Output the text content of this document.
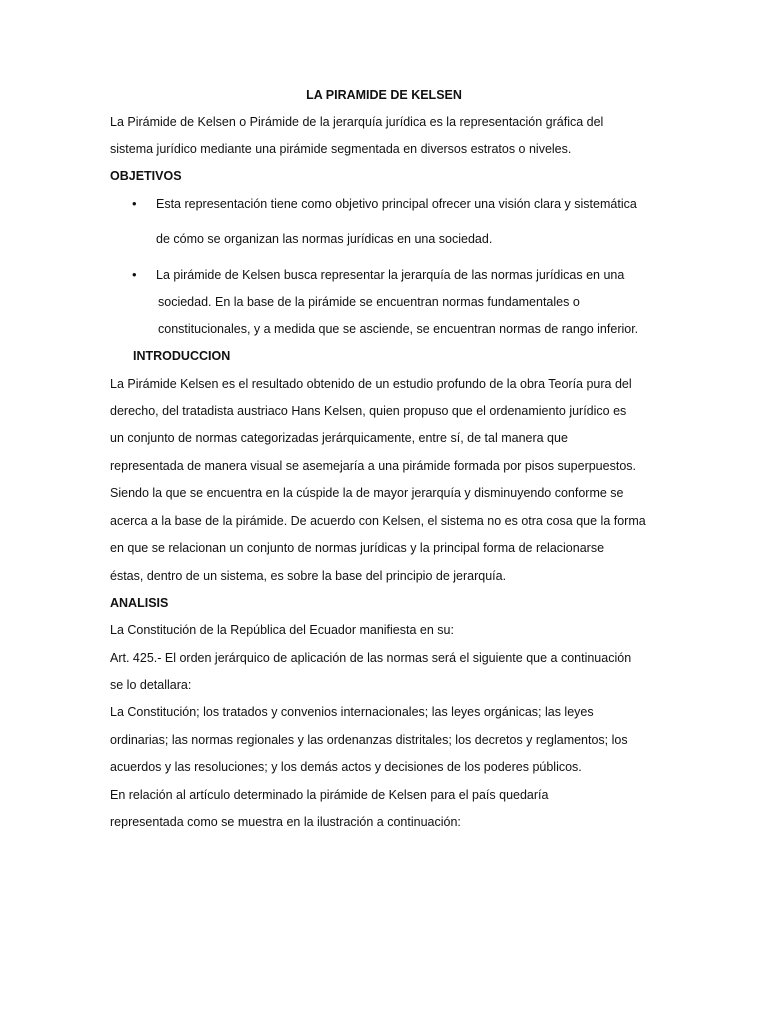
LA PIRAMIDE DE KELSEN
La Pirámide de Kelsen o Pirámide de la jerarquía jurídica es la representación gráfica del
sistema jurídico mediante una pirámide segmentada en diversos estratos o niveles.
OBJETIVOS
• Esta representación tiene como objetivo principal ofrecer una visión clara y sistemática
de cómo se organizan las normas jurídicas en una sociedad.
• La pirámide de Kelsen busca representar la jerarquía de las normas jurídicas en una
sociedad. En la base de la pirámide se encuentran normas fundamentales o
constitucionales, y a medida que se asciende, se encuentran normas de rango inferior.
INTRODUCCION
La Pirámide Kelsen es el resultado obtenido de un estudio profundo de la obra Teoría pura del
derecho, del tratadista austriaco Hans Kelsen, quien propuso que el ordenamiento jurídico es
un conjunto de normas categorizadas jerárquicamente, entre sí, de tal manera que
representada de manera visual se asemejaría a una pirámide formada por pisos superpuestos.
Siendo la que se encuentra en la cúspide la de mayor jerarquía y disminuyendo conforme se
acerca a la base de la pirámide. De acuerdo con Kelsen, el sistema no es otra cosa que la forma
en que se relacionan un conjunto de normas jurídicas y la principal forma de relacionarse
éstas, dentro de un sistema, es sobre la base del principio de jerarquía.
ANALISIS
La Constitución de la República del Ecuador manifiesta en su:
Art. 425.- El orden jerárquico de aplicación de las normas será el siguiente que a continuación
se lo detallara:
La Constitución; los tratados y convenios internacionales; las leyes orgánicas; las leyes
ordinarias; las normas regionales y las ordenanzas distritales; los decretos y reglamentos; los
acuerdos y las resoluciones; y los demás actos y decisiones de los poderes públicos.
En relación al artículo determinado la pirámide de Kelsen para el país quedaría
representada como se muestra en la ilustración a continuación:
